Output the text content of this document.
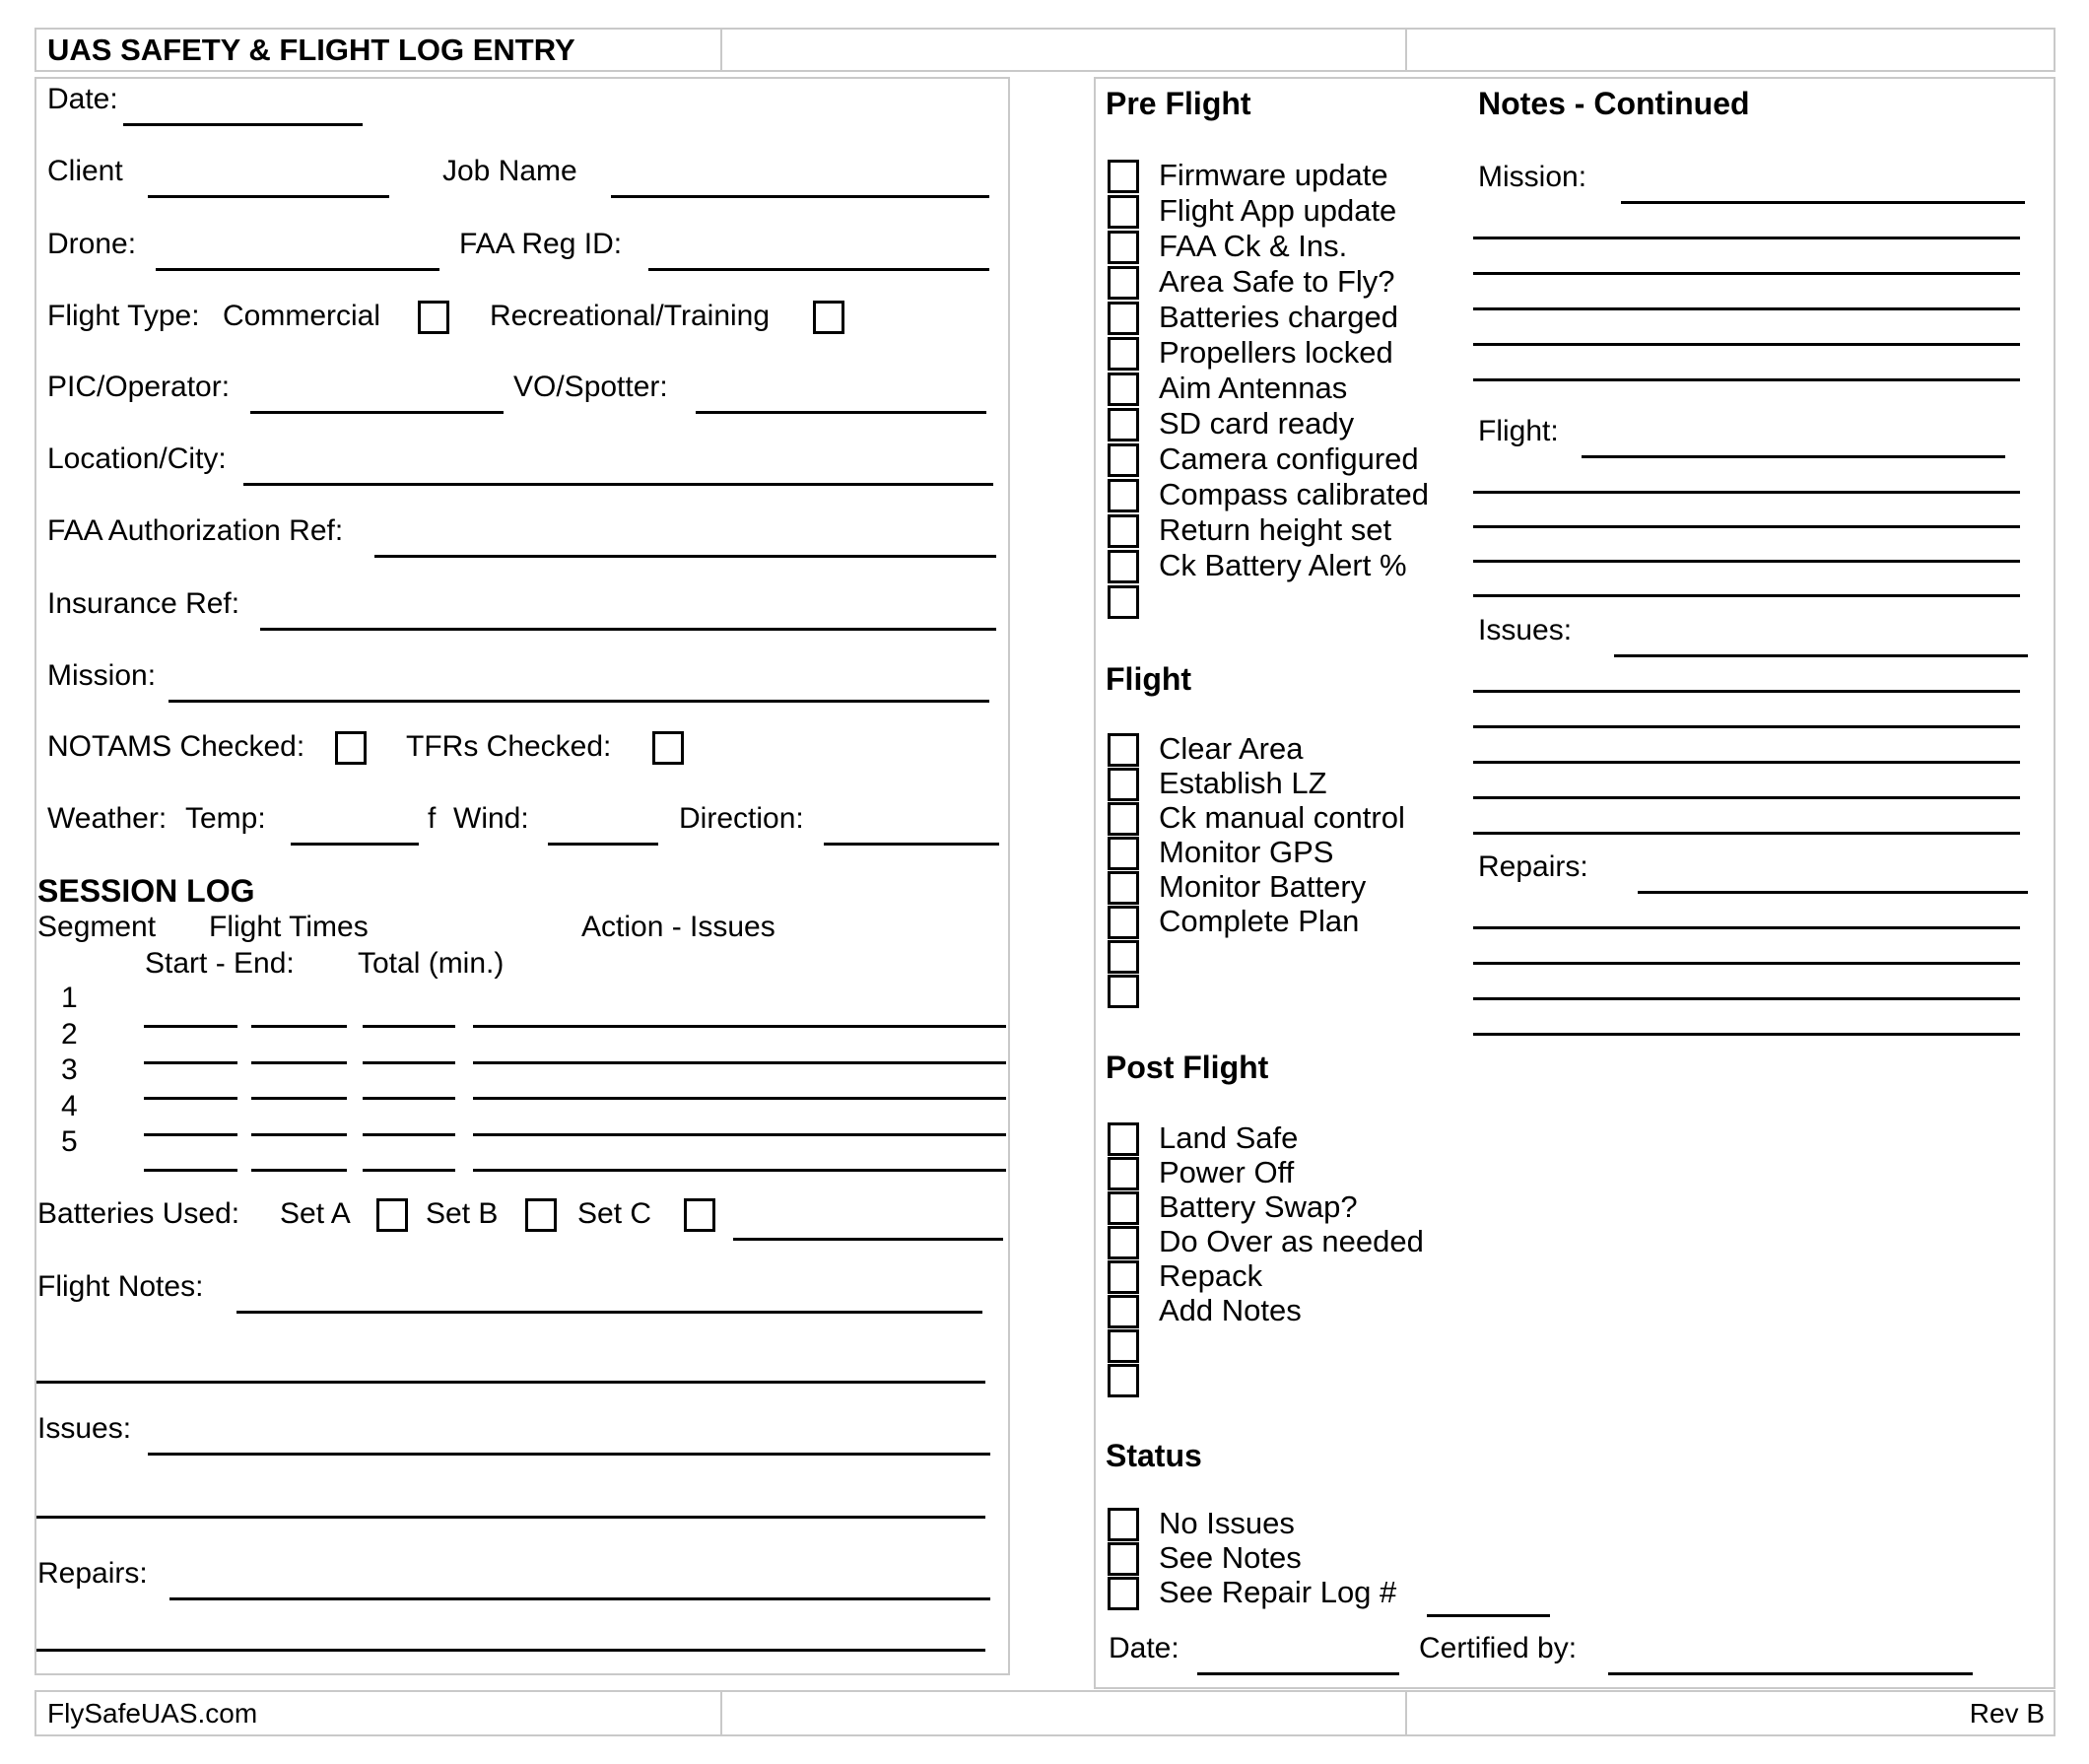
UAS SAFETY & FLIGHT LOG ENTRY
Date:
Client	Job Name
Drone:	FAA Reg ID:
Flight Type: Commercial	Recreational/Training
PIC/Operator:	VO/Spotter:
Location/City:
FAA Authorization Ref:
Insurance Ref:
Mission:
NOTAMS Checked:	TFRs Checked:
Weather: Temp:	f Wind:	Direction:
SESSION LOG
Segment Flight Times	Action - Issues
Start - End: Total (min.)
1
2
3
4
5
Batteries Used: Set A	Set B	Set C
Flight Notes:
Issues:
Repairs:
Pre Flight
Firmware update
Flight App update
FAA Ck & Ins.
Area Safe to Fly?
Batteries charged
Propellers locked
Aim Antennas
SD card ready
Camera configured
Compass calibrated
Return height set
Ck Battery Alert %
Flight
Clear Area
Establish LZ
Ck manual control
Monitor GPS
Monitor Battery
Complete Plan
Post Flight
Land Safe
Power Off
Battery Swap?
Do Over as needed
Repack
Add Notes
Status
No Issues
See Notes
See Repair Log #
Date:	Certified by:
Notes - Continued
Mission:
Flight:
Issues:
Repairs:
FlySafeUAS.com	Rev B
